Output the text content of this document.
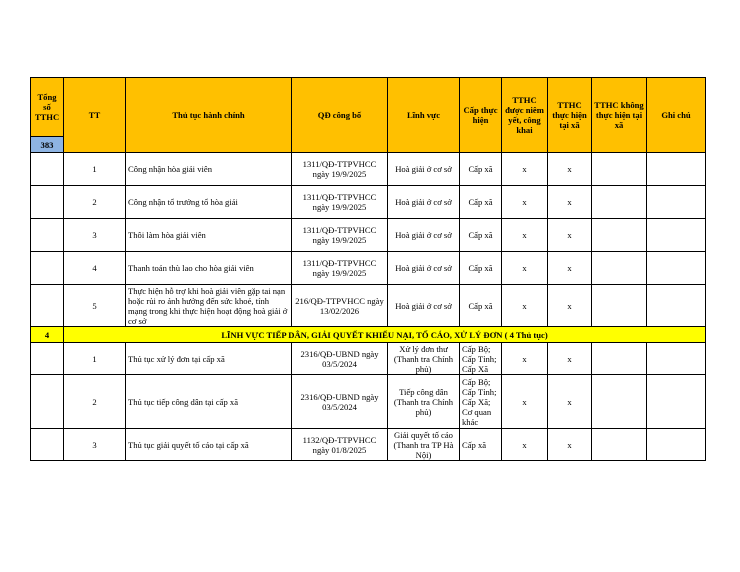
Tổng số TTHC	TT	Thủ tục hành chính	QĐ công bố	Lĩnh vực	Cấp thực hiện	TTHC được niêm yết, công khai	TTHC thực hiện tại xã	TTHC không thực hiện tại xã	Ghi chú
383									
	1	Công nhận hòa giải viên	1311/QĐ-TTPVHCC ngày 19/9/2025	Hoà giải ở cơ sở	Cấp xã	x	x		
	2	Công nhận tổ trưởng tổ hòa giải	1311/QĐ-TTPVHCC ngày 19/9/2025	Hoà giải ở cơ sở	Cấp xã	x	x		
	3	Thôi làm hòa giải viên	1311/QĐ-TTPVHCC ngày 19/9/2025	Hoà giải ở cơ sở	Cấp xã	x	x		
	4	Thanh toán thù lao cho hòa giải viên	1311/QĐ-TTPVHCC ngày 19/9/2025	Hoà giải ở cơ sở	Cấp xã	x	x		
	5	Thực hiện hỗ trợ khi hoà giải viên gặp tai nạn hoặc rủi ro ảnh hưởng đến sức khoẻ, tính mạng trong khi thực hiện hoạt động hoà giải ở cơ sở	216/QĐ-TTPVHCC ngày 13/02/2026	Hoà giải ở cơ sở	Cấp xã	x	x		
4	LĨNH VỰC TIẾP DÂN, GIẢI QUYẾT KHIẾU NẠI, TỐ CÁO, XỬ LÝ ĐƠN ( 4 Thủ tục)								
	1	Thủ tục xử lý đơn tại cấp xã	2316/QĐ-UBND ngày 03/5/2024	Xử lý đơn thư (Thanh tra Chính phủ)	Cấp Bộ; Cấp Tỉnh; Cấp Xã	x	x		
	2	Thủ tục tiếp công dân tại cấp xã	2316/QĐ-UBND ngày 03/5/2024	Tiếp công dân (Thanh tra Chính phủ)	Cấp Bộ; Cấp Tỉnh; Cấp Xã; Cơ quan khác	x	x		
	3	Thủ tục giải quyết tố cáo tại cấp xã	1132/QĐ-TTPVHCC ngày 01/8/2025	Giải quyết tố cáo (Thanh tra TP Hà Nội)	Cấp xã	x	x		
